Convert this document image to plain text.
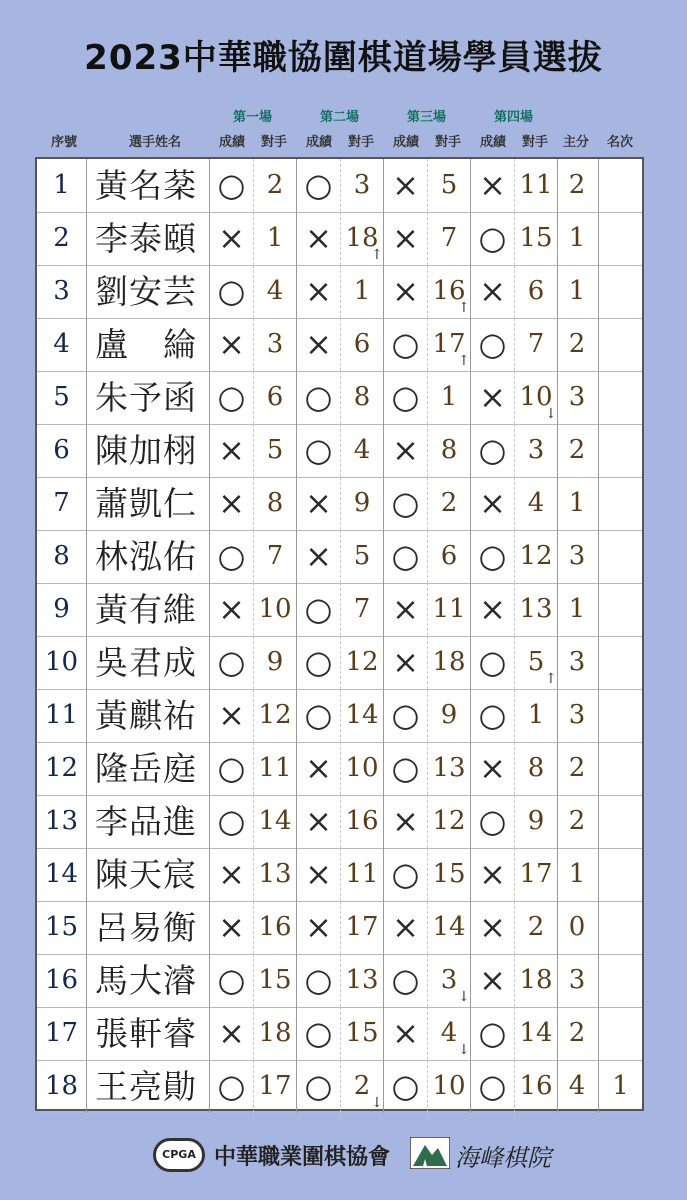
2023中華職協圍棋道場學員選拔
序號	選手姓名
第一場
成績	對手
第二場
成績	對手
第三場
成績	對手
第四場
成績	對手	主分	名次
1 黃名棻 ○ 2 ○ 3 × 5 × 11 2
2 李泰頤 × 1 × 18 × 7 ○ 15 1
3 劉安芸 ○ 4 × 1 × 16 × 6 1
4 盧　綸 × 3 × 6 ○ 17 ○ 7 2
5 朱予函 ○ 6 ○ 8 ○ 1 × 10 3
6 陳加栩 × 5 ○ 4 × 8 ○ 3 2
7 蕭凱仁 × 8 × 9 ○ 2 × 4 1
8 林泓佑 ○ 7 × 5 ○ 6 ○ 12 3
9 黃有維 × 10 ○ 7 × 11 × 13 1
10 吳君成 ○ 9 ○ 12 × 18 ○ 5 3
11 黃麒祐 × 12 ○ 14 ○ 9 ○ 1 3
12 隆岳庭 ○ 11 × 10 ○ 13 × 8 2
13 李品進 ○ 14 × 16 × 12 ○ 9 2
14 陳天宸 × 13 × 11 ○ 15 × 17 1
15 呂易衡 × 16 × 17 × 14 × 2 0
16 馬大濬 ○ 15 ○ 13 ○ 3 × 18 3
17 張軒睿 × 18 ○ 15 × 4 ○ 14 2
18 王亮勛 ○ 17 ○ 2 ○ 10 ○ 16 4	1
↑
↑
↑
↓
↑
↓
↓
↓
CPGA 中華職業圍棋協會	海峰棋院
